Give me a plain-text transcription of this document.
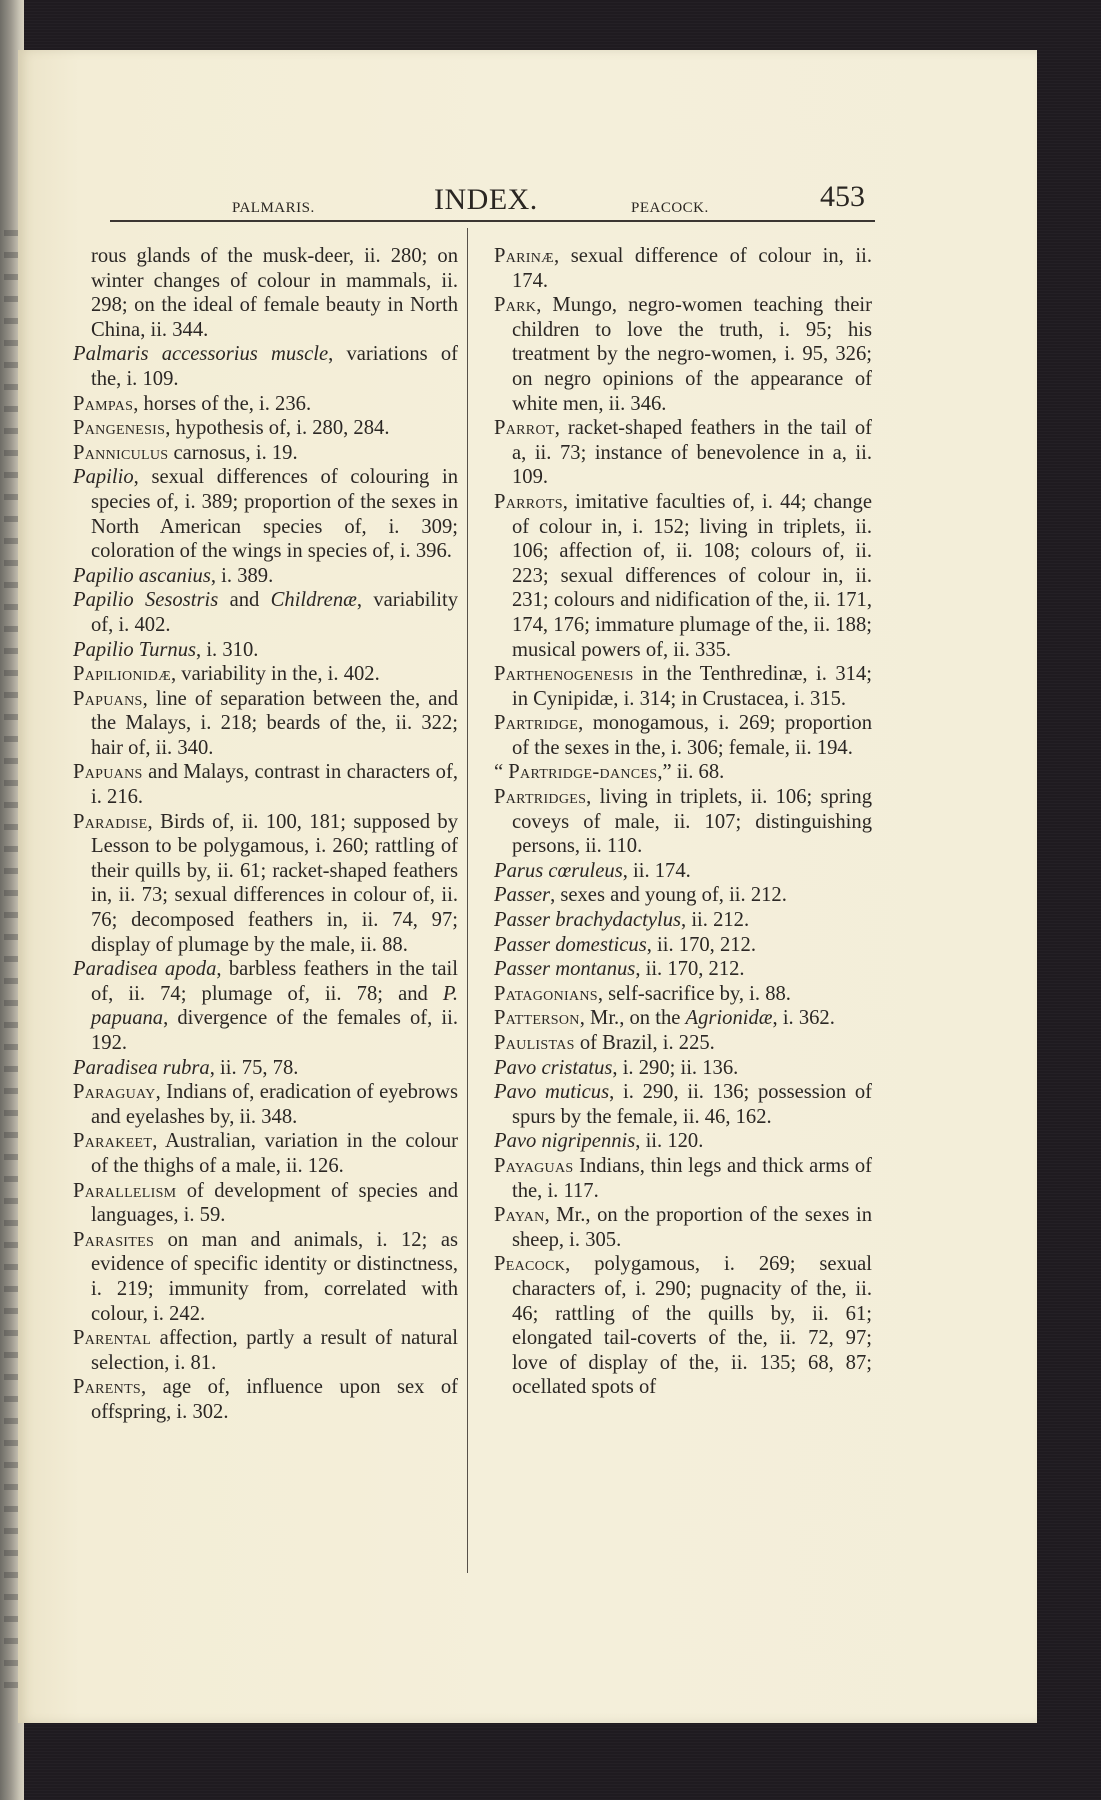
PALMARIS.	INDEX.	PEACOCK.	453

rous glands of the musk-deer, ii. 280; on winter changes of colour in mammals, ii. 298; on the ideal of female beauty in North China, ii. 344.

Palmaris accessorius muscle, variations of the, i. 109.

Pampas, horses of the, i. 236.

Pangenesis, hypothesis of, i. 280, 284.

Panniculus carnosus, i. 19.

Papilio, sexual differences of colouring in species of, i. 389; proportion of the sexes in North American species of, i. 309; coloration of the wings in species of, i. 396.

Papilio ascanius, i. 389.

Papilio Sesostris and Childrenæ, variability of, i. 402.

Papilio Turnus, i. 310.

Papilionidæ, variability in the, i. 402.

Papuans, line of separation between the, and the Malays, i. 218; beards of the, ii. 322; hair of, ii. 340.

Papuans and Malays, contrast in characters of, i. 216.

Paradise, Birds of, ii. 100, 181; supposed by Lesson to be polygamous, i. 260; rattling of their quills by, ii. 61; racket-shaped feathers in, ii. 73; sexual differences in colour of, ii. 76; decomposed feathers in, ii. 74, 97; display of plumage by the male, ii. 88.

Paradisea apoda, barbless feathers in the tail of, ii. 74; plumage of, ii. 78; and P. papuana, divergence of the females of, ii. 192.

Paradisea rubra, ii. 75, 78.

Paraguay, Indians of, eradication of eyebrows and eyelashes by, ii. 348.

Parakeet, Australian, variation in the colour of the thighs of a male, ii. 126.

Parallelism of development of species and languages, i. 59.

Parasites on man and animals, i. 12; as evidence of specific identity or distinctness, i. 219; immunity from, correlated with colour, i. 242.

Parental affection, partly a result of natural selection, i. 81.

Parents, age of, influence upon sex of offspring, i. 302.

Parinæ, sexual difference of colour in, ii. 174.

Park, Mungo, negro-women teaching their children to love the truth, i. 95; his treatment by the negro-women, i. 95, 326; on negro opinions of the appearance of white men, ii. 346.

Parrot, racket-shaped feathers in the tail of a, ii. 73; instance of benevolence in a, ii. 109.

Parrots, imitative faculties of, i. 44; change of colour in, i. 152; living in triplets, ii. 106; affection of, ii. 108; colours of, ii. 223; sexual differences of colour in, ii. 231; colours and nidification of the, ii. 171, 174, 176; immature plumage of the, ii. 188; musical powers of, ii. 335.

Parthenogenesis in the Tenthredinæ, i. 314; in Cynipidæ, i. 314; in Crustacea, i. 315.

Partridge, monogamous, i. 269; proportion of the sexes in the, i. 306; female, ii. 194.

“ Partridge-dances,” ii. 68.

Partridges, living in triplets, ii. 106; spring coveys of male, ii. 107; distinguishing persons, ii. 110.

Parus cœruleus, ii. 174.

Passer, sexes and young of, ii. 212.

Passer brachydactylus, ii. 212.

Passer domesticus, ii. 170, 212.

Passer montanus, ii. 170, 212.

Patagonians, self-sacrifice by, i. 88.

Patterson, Mr., on the Agrionidæ, i. 362.

Paulistas of Brazil, i. 225.

Pavo cristatus, i. 290; ii. 136.

Pavo muticus, i. 290, ii. 136; possession of spurs by the female, ii. 46, 162.

Pavo nigripennis, ii. 120.

Payaguas Indians, thin legs and thick arms of the, i. 117.

Payan, Mr., on the proportion of the sexes in sheep, i. 305.

Peacock, polygamous, i. 269; sexual characters of, i. 290; pugnacity of the, ii. 46; rattling of the quills by, ii. 61; elongated tail-coverts of the, ii. 72, 97; love of display of the, ii. 135; 68, 87; ocellated spots of
